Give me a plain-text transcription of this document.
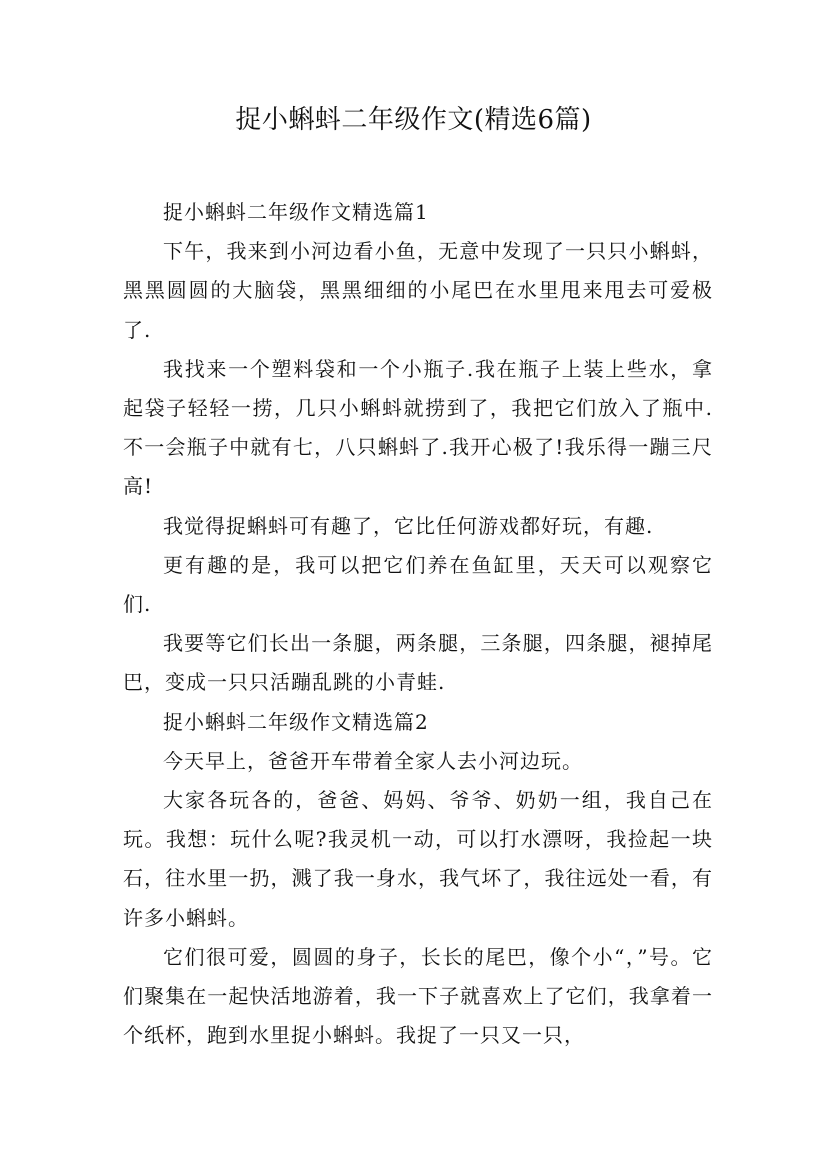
捉小蝌蚪二年级作文(精选6篇)

捉小蝌蚪二年级作文精选篇1

下午，我来到小河边看小鱼，无意中发现了一只只小蝌蚪，黑黑圆圆的大脑袋，黑黑细细的小尾巴在水里甩来甩去可爱极了.

我找来一个塑料袋和一个小瓶子.我在瓶子上装上些水，拿起袋子轻轻一捞，几只小蝌蚪就捞到了，我把它们放入了瓶中.不一会瓶子中就有七，八只蝌蚪了.我开心极了!我乐得一蹦三尺高!

我觉得捉蝌蚪可有趣了，它比任何游戏都好玩，有趣.

更有趣的是，我可以把它们养在鱼缸里，天天可以观察它们.

我要等它们长出一条腿，两条腿，三条腿，四条腿，褪掉尾巴，变成一只只活蹦乱跳的小青蛙.

捉小蝌蚪二年级作文精选篇2

今天早上，爸爸开车带着全家人去小河边玩。

大家各玩各的，爸爸、妈妈、爷爷、奶奶一组，我自己在玩。我想：玩什么呢?我灵机一动，可以打水漂呀，我捡起一块石，往水里一扔，溅了我一身水，我气坏了，我往远处一看，有许多小蝌蚪。

它们很可爱，圆圆的身子，长长的尾巴，像个小“，”号。它们聚集在一起快活地游着，我一下子就喜欢上了它们，我拿着一个纸杯，跑到水里捉小蝌蚪。我捉了一只又一只，
